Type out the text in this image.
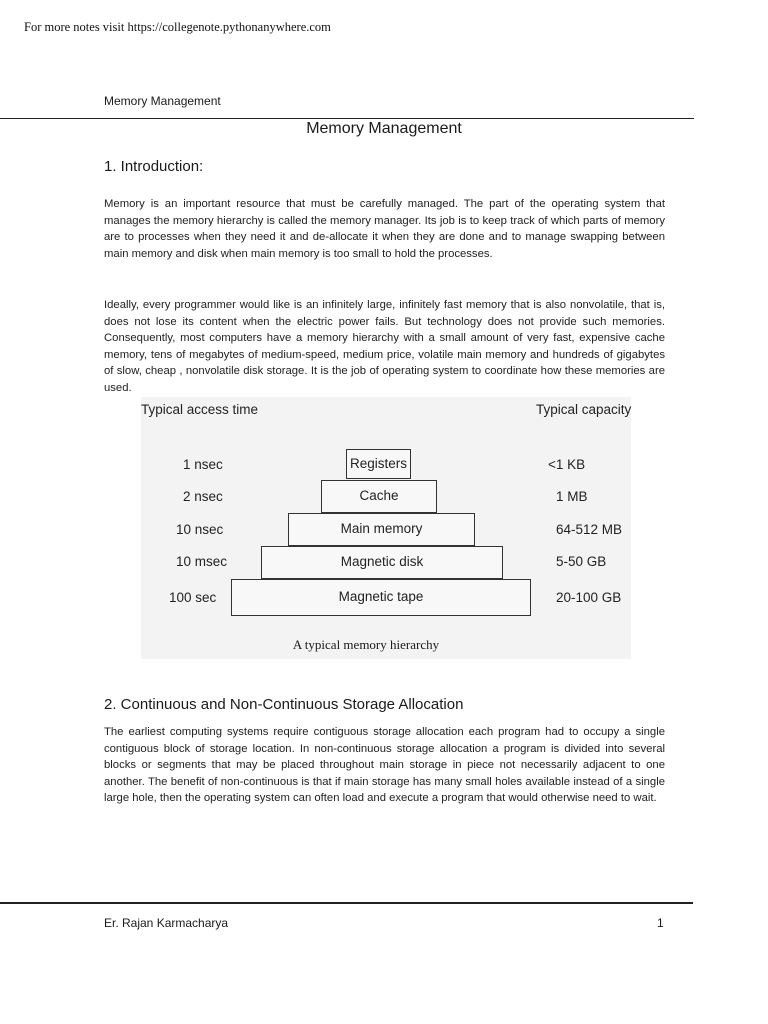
For more notes visit https://collegenote.pythonanywhere.com
Memory Management
Memory Management
1. Introduction:
Memory is an important resource that must be carefully managed. The part of the operating system that manages the memory hierarchy is called the memory manager. Its job is to keep track of which parts of memory are to processes when they need it and de-allocate it when they are done and to manage swapping between main memory and disk when main memory is too small to hold the processes.
Ideally, every programmer would like is an infinitely large, infinitely fast memory that is also nonvolatile, that is, does not lose its content when the electric power fails. But technology does not provide such memories. Consequently, most computers have a memory hierarchy with a small amount of very fast, expensive cache memory, tens of megabytes of medium-speed, medium price, volatile main memory and hundreds of gigabytes of slow, cheap , nonvolatile disk storage. It is the job of operating system to coordinate how these memories are used.
Typical access time	Typical capacity
1 nsec	Registers	<1 KB
2 nsec	Cache	1 MB
10 nsec	Main memory	64-512 MB
10 msec	Magnetic disk	5-50 GB
100 sec	Magnetic tape	20-100 GB
A typical memory hierarchy
2. Continuous and Non-Continuous Storage Allocation
The earliest computing systems require contiguous storage allocation each program had to occupy a single contiguous block of storage location. In non-continuous storage allocation a program is divided into several blocks or segments that may be placed throughout main storage in piece not necessarily adjacent to one another. The benefit of non-continuous is that if main storage has many small holes available instead of a single large hole, then the operating system can often load and execute a program that would otherwise need to wait.
Er. Rajan Karmacharya	1
